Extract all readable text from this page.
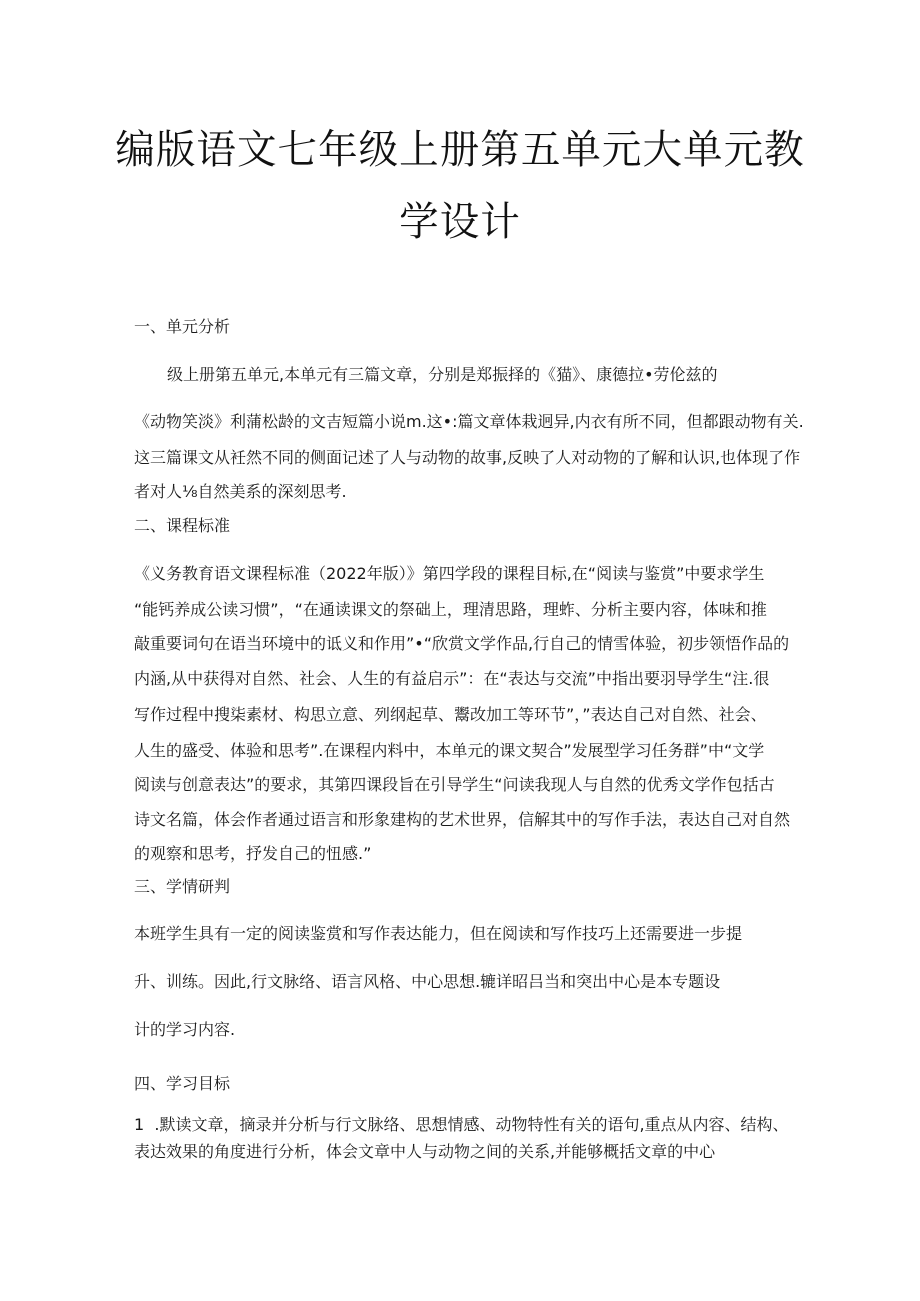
编版语文七年级上册第五单元大单元教
学设计
一、单元分析
级上册第五单元,本单元有三篇文章，分别是郑振择的《猫》、康德拉•劳伦兹的
《动物笑淡》利蒲松龄的文吉短篇小说m.这•:篇文章体栽迥异,内衣有所不同，但都跟动物有关.
这三篇课文从衽然不同的侧面记述了人与动物的故事,反映了人对动物的了解和认识,也体现了作
者对人⅛自然美系的深刻思考.
二、课程标准
《义务教育语文课程标准（2022年版）》第四学段的课程目标,在“阅读与鉴赏”中要求学生
“能钙养成公读习惯”，“在通读课文的祭础上，理清思路，理蚱、分析主要内容，体味和推
敲重要词句在语当环境中的诋义和作用”•“欣赏文学作品,行自己的情雪体验，初步领悟作品的
内涵,从中获得对自然、社会、人生的有益启示”：在“表达与交流”中指出要羽导学生“注.很
写作过程中搜柒素材、构思立意、列纲起草、鬻改加工等环节”，”表达自己对自然、社会、
人生的盛受、体验和思考”.在课程内料中，本单元的课文契合”发展型学习任务群”中“文学
阅读与创意表达”的要求，其第四课段旨在引导学生“问读我现人与自然的优秀文学作包括古
诗文名篇，体会作者通过语言和形象建构的艺术世界，信解其中的写作手法，表达自己对自然
的观察和思考，抒发自己的忸感.”
三、学情研判
本班学生具有一定的阅读鉴赏和写作表达能力，但在阅读和写作技巧上还需要进一步提
升、训练。因此,行文脉络、语言风格、中心思想.辘详昭吕当和突出中心是本专题设
计的学习内容.
四、学习目标
1  .默读文章，摘录并分析与行文脉络、思想情感、动物特性有关的语句,重点从内容、结构、
表达效果的角度进行分析，体会文章中人与动物之间的关系,并能够概括文章的中心
